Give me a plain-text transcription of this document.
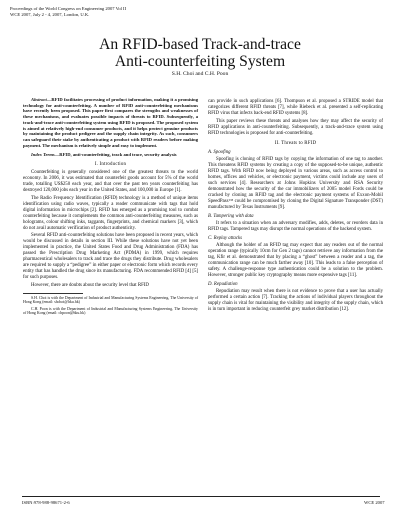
Proceedings of the World Congress on Engineering 2007 Vol II
WCE 2007, July 2 - 4, 2007, London, U.K.
An RFID-based Track-and-trace
Anti-counterfeiting System
S.H. Choi and C.H. Poon

Abstract—RFID facilitates processing of product information, making it a promising technology for anti-counterfeiting. A number of RFID anti-counterfeiting mechanisms have recently been proposed. This paper first compares the strengths and weaknesses of these mechanisms, and evaluates possible impacts of threats to RFID. Subsequently, a track-and-trace anti-counterfeiting system using RFID is proposed. The proposed system is aimed at relatively high-end consumer products, and it helps protect genuine products by maintaining the product pedigree and the supply chain integrity. As such, consumers can safeguard their stake by authenticating a product with RFID readers before making payment. The mechanism is relatively simple and easy to implement.

Index Terms—RFID, anti-counterfeiting, track and trace, security analysis

I. Introduction

Counterfeiting is generally considered one of the greatest threats to the world economy. In 2006, it was estimated that counterfeit goods account for 5% of the world trade, totalling US$250 each year, and that over the past ten years counterfeiting has destroyed 120,000 jobs each year in the United States, and 100,000 in Europe [1].

The Radio Frequency Identification (RFID) technology is a method of unique items identification using radio waves, typically a reader communicate with tags that hold digital information in microchips [2]. RFID has emerged as a promising tool to combat counterfeiting because it complements the common anti-counterfeiting measures, such as holograms, colour shifting inks, taggants, fingerprints, and chemical markers [3], which do not avail automatic verification of product authenticity.

Several RFID anti-counterfeiting solutions have been proposed in recent years, which would be discussed in details in section III. While these solutions have not yet been implemented in practice, the United States Food and Drug Administration (FDA) has passed the Prescription Drug Marketing Act (PDMA) in 1999, which requires pharmaceutical wholesalers to track and trace the drugs they distribute. Drug wholesalers are required to supply a “pedigree” in either paper or electronic form which records every entity that has handled the drug since its manufacturing. FDA recommended RFID [4] [5] for such purposes.

However, there are doubts about the security level that RFID

S.H. Choi is with the Department of Industrial and Manufacturing Systems Engineering, The University of Hong Kong (email: shchoi@hku.hk)

C.H. Poon is with the Department of Industrial and Manufacturing Systems Engineering, The University of Hong Kong (email: chpoon@hku.hk)

can provide in such applications [6]. Thompson et al. proposed a STRIDE model that categorizes different RFID threats [7], while Riebeck et al. presented a self-replicating RFID virus that infects back-end RFID systems [8].

This paper reviews these threats and analyses how they may affect the security of RFID applications in anti-counterfeiting. Subsequently, a track-and-trace system using RFID technologies is proposed for anti-counterfeiting.

II. Threats to RFID
A. Spoofing

Spoofing is cloning of RFID tags by copying the information of one tag to another. This threatens RFID systems by creating a copy of the supposed-to-be unique, authentic RFID tags. With RFID now being deployed in various areas, such as access control to homes, offices and vehicles, or electronic payment, victims could include any users of such services [4]. Researchers at Johns Hopkins University and RSA Security demonstrated how the security of the car immobilizers of 2005 model Fords could be cracked by cloning an RFID tag and the electronic payment systems of Exxon-Mobil SpeedPass™ could be compromised by cloning the Digital Signature Transponder (DST) manufactured by Texas Instruments [9].

B. Tampering with data

It refers to a situation when an adversary modifies, adds, deletes, or reorders data in RFID tags. Tampered tags may disrupt the normal operations of the backend system.

C. Replay attacks

Although the holder of an RFID tag may expect that any readers out of the normal operation range (typically 10cm for Gen 2 tags) cannot retrieve any information from the tag, Kfir et al. demonstrated that by placing a “ghost” between a reader and a tag, the communication range can be much farther away [10]. This leads to a false perception of safety. A challenge-response type authentication could be a solution to the problem. However, stronger public key cryptography means more expensive tags [11].

D. Repudiation

Repudiation may result when there is not evidence to prove that a user has actually performed a certain action [7]. Tracking the actions of individual players throughout the supply chain is vital for maintaining the visibility and integrity of the supply chain, which is in turn important in reducing counterfeit grey market distribution [12].

ISBN:978-988-98671-2-6	WCE 2007
